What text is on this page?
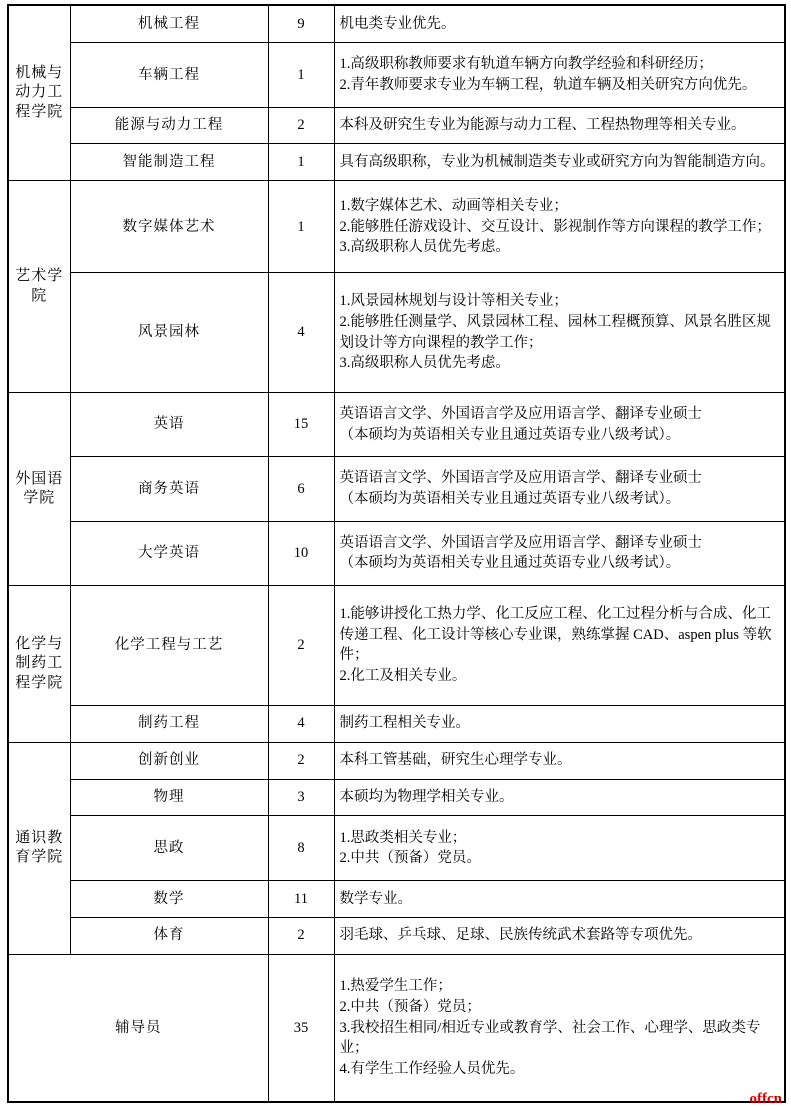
机械与动力工程学院	机械工程	9	机电类专业优先。

	车辆工程	1	1.高级职称教师要求有轨道车辆方向教学经验和科研经历；
2.青年教师要求专业为车辆工程，轨道车辆及相关研究方向优先。

	能源与动力工程	2	本科及研究生专业为能源与动力工程、工程热物理等相关专业。

	智能制造工程	1	具有高级职称，专业为机械制造类专业或研究方向为智能制造方向。

艺术学院	数字媒体艺术	1	1.数字媒体艺术、动画等相关专业；
2.能够胜任游戏设计、交互设计、影视制作等方向课程的教学工作；
3.高级职称人员优先考虑。

	风景园林	4	1.风景园林规划与设计等相关专业；
2.能够胜任测量学、风景园林工程、园林工程概预算、风景名胜区规划设计等方向课程的教学工作；
3.高级职称人员优先考虑。

外国语学院	英语	15	英语语言文学、外国语言学及应用语言学、翻译专业硕士
（本硕均为英语相关专业且通过英语专业八级考试）。

	商务英语	6	英语语言文学、外国语言学及应用语言学、翻译专业硕士
（本硕均为英语相关专业且通过英语专业八级考试）。

	大学英语	10	英语语言文学、外国语言学及应用语言学、翻译专业硕士
（本硕均为英语相关专业且通过英语专业八级考试）。

化学与制药工程学院	化学工程与工艺	2	1.能够讲授化工热力学、化工反应工程、化工过程分析与合成、化工传递工程、化工设计等核心专业课，熟练掌握 CAD、aspen plus 等软件；
2.化工及相关专业。

	制药工程	4	制药工程相关专业。

通识教育学院	创新创业	2	本科工管基础，研究生心理学专业。

	物理	3	本硕均为物理学相关专业。

	思政	8	1.思政类相关专业；
2.中共（预备）党员。

	数学	11	数学专业。

	体育	2	羽毛球、乒乓球、足球、民族传统武术套路等专项优先。

辅导员		35	1.热爱学生工作；
2.中共（预备）党员；
3.我校招生相同/相近专业或教育学、社会工作、心理学、思政类专业；
4.有学生工作经验人员优先。
offcn
